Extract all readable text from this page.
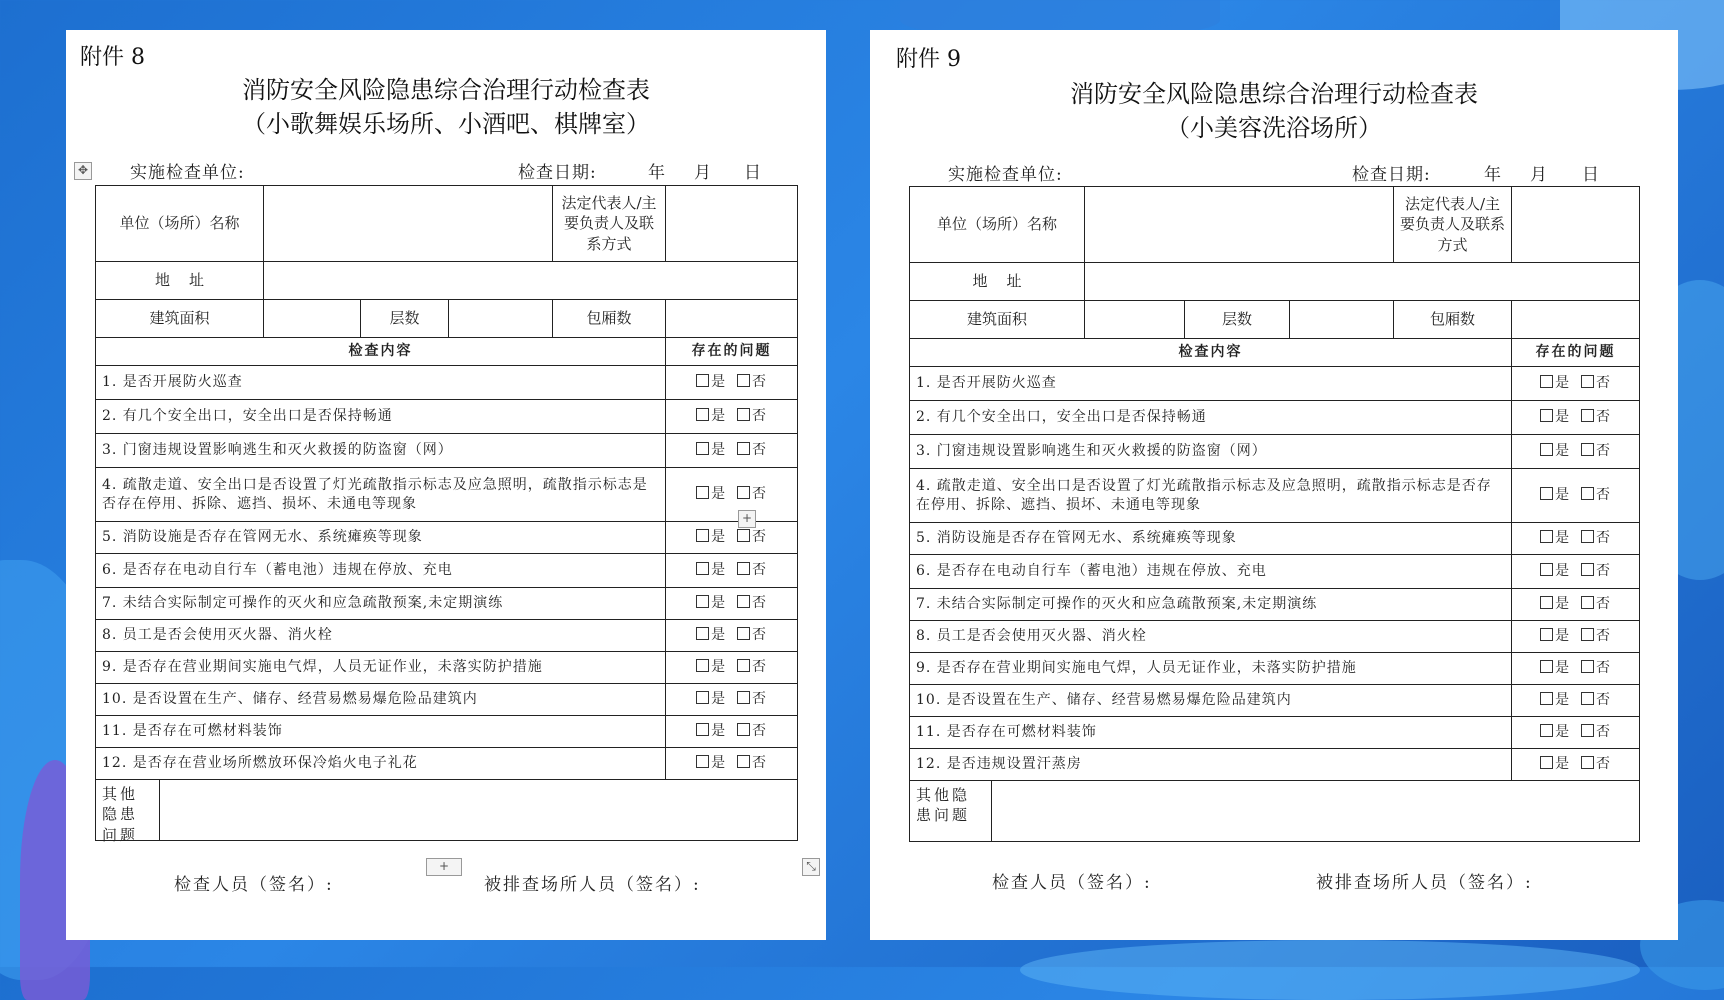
附件 8
消防安全风险隐患综合治理行动检查表
（小歌舞娱乐场所、小酒吧、棋牌室）
✥ 实施检查单位:	检查日期:	年 月 日
单位（场所）名称				法定代表人/主要负责人及联系方式	
地    址					
建筑面积		层数		包厢数	
检查内容					存在的问题
1. 是否开展防火巡查					是 否
2. 有几个安全出口，安全出口是否保持畅通					是 否
3. 门窗违规设置影响逃生和灭火救援的防盗窗（网）					是 否
4. 疏散走道、安全出口是否设置了灯光疏散指示标志及应急照明，疏散指示标志是否存在停用、拆除、遮挡、损坏、未通电等现象					是 否
5. 消防设施是否存在管网无水、系统瘫痪等现象					是 否
6. 是否存在电动自行车（蓄电池）违规在停放、充电					是 否
7. 未结合实际制定可操作的灭火和应急疏散预案,未定期演练					是 否
8. 员工是否会使用灭火器、消火栓					是 否
9. 是否存在营业期间实施电气焊，人员无证作业，未落实防护措施					是 否
10. 是否设置在生产、储存、经营易燃易爆危险品建筑内					是 否
11. 是否存在可燃材料装饰					是 否
12. 是否存在营业场所燃放环保冷焰火电子礼花					是 否

其他隐患问题					
+
+	⤡
检查人员（签名）:	被排查场所人员（签名）:
附件 9
消防安全风险隐患综合治理行动检查表
（小美容洗浴场所）
实施检查单位:	检查日期:	年 月 日
单位（场所）名称				法定代表人/主要负责人及联系方式	
地    址					
建筑面积		层数		包厢数	
检查内容					存在的问题
1. 是否开展防火巡查					是 否
2. 有几个安全出口，安全出口是否保持畅通					是 否
3. 门窗违规设置影响逃生和灭火救援的防盗窗（网）					是 否
4. 疏散走道、安全出口是否设置了灯光疏散指示标志及应急照明，疏散指示标志是否存在停用、拆除、遮挡、损坏、未通电等现象					是 否
5. 消防设施是否存在管网无水、系统瘫痪等现象					是 否
6. 是否存在电动自行车（蓄电池）违规在停放、充电					是 否
7. 未结合实际制定可操作的灭火和应急疏散预案,未定期演练					是 否
8. 员工是否会使用灭火器、消火栓					是 否
9. 是否存在营业期间实施电气焊，人员无证作业，未落实防护措施					是 否
10. 是否设置在生产、储存、经营易燃易爆危险品建筑内					是 否
11. 是否存在可燃材料装饰					是 否
12. 是否违规设置汗蒸房					是 否

其他隐患问题					
检查人员（签名）:	被排查场所人员（签名）:
